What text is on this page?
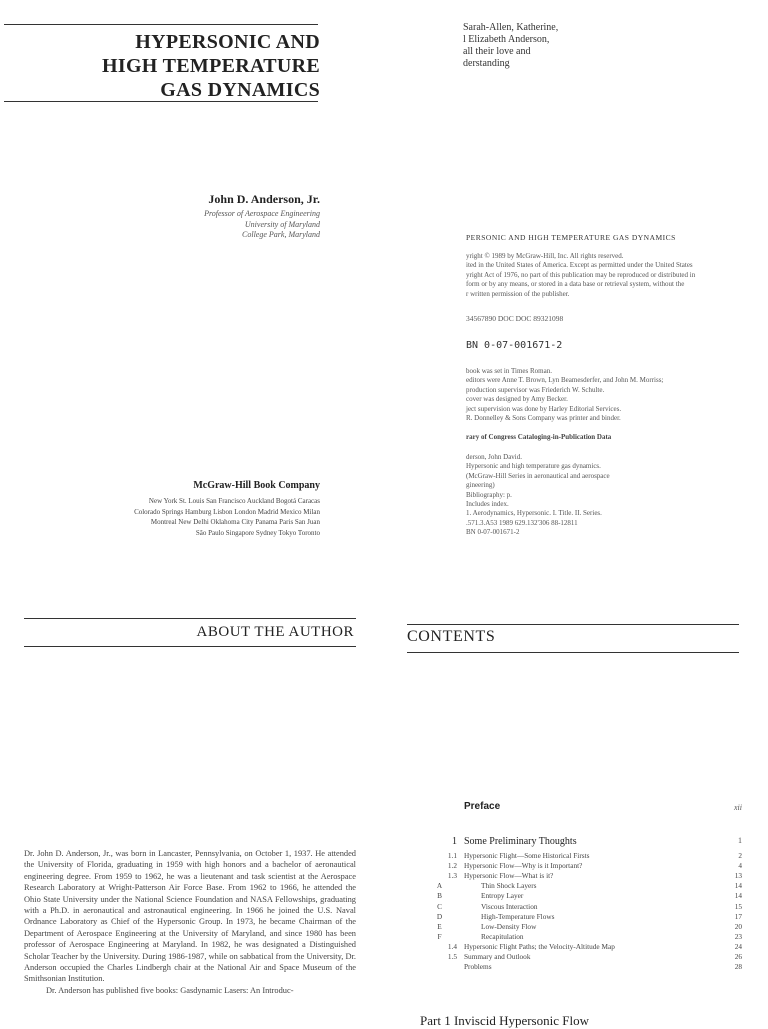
HYPERSONIC AND
HIGH TEMPERATURE
GAS DYNAMICS
John D. Anderson, Jr.
Professor of Aerospace Engineering
University of Maryland
College Park, Maryland
McGraw-Hill Book Company
New York St. Louis San Francisco Auckland Bogotá Caracas
Colorado Springs Hamburg Lisbon London Madrid Mexico Milan
Montreal New Delhi Oklahoma City Panama Paris San Juan
São Paulo Singapore Sydney Tokyo Toronto
Sarah-Allen, Katherine,
l Elizabeth Anderson,
all their love and
derstanding
PERSONIC AND HIGH TEMPERATURE GAS DYNAMICS
yright © 1989 by McGraw-Hill, Inc. All rights reserved.
ited in the United States of America. Except as permitted under the United States
yright Act of 1976, no part of this publication may be reproduced or distributed in
form or by any means, or stored in a data base or retrieval system, without the
r written permission of the publisher.
34567890 DOC DOC 89321098
BN 0-07-001671-2
book was set in Times Roman.
editors were Anne T. Brown, Lyn Beamesderfer, and John M. Morriss;
production supervisor was Friederich W. Schulte.
cover was designed by Amy Becker.
ject supervision was done by Harley Editorial Services.
R. Donnelley & Sons Company was printer and binder.
rary of Congress Cataloging-in-Publication Data
derson, John David.
Hypersonic and high temperature gas dynamics.
(McGraw-Hill Series in aeronautical and aerospace
gineering)
Bibliography: p.
Includes index.
1. Aerodynamics, Hypersonic. I. Title. II. Series.
.571.3.A53 1989 629.132'306 88-12811
BN 0-07-001671-2
ABOUT THE AUTHOR

Dr. John D. Anderson, Jr., was born in Lancaster, Pennsylvania, on October 1, 1937. He attended the University of Florida, graduating in 1959 with high honors and a bachelor of aeronautical engineering degree. From 1959 to 1962, he was a lieutenant and task scientist at the Aerospace Research Laboratory at Wright-Patterson Air Force Base. From 1962 to 1966, he attended the Ohio State University under the National Science Foundation and NASA Fellowships, graduating with a Ph.D. in aeronautical and astronautical engineering. In 1966 he joined the U.S. Naval Ordnance Laboratory as Chief of the Hypersonic Group. In 1973, he became Chairman of the Department of Aerospace Engineering at the University of Maryland, and since 1980 has been professor of Aerospace Engineering at Maryland. In 1982, he was designated a Distinguished Scholar Teacher by the University. During 1986-1987, while on sabbatical from the University, Dr. Anderson occupied the Charles Lindbergh chair at the National Air and Space Museum of the Smithsonian Institution.

Dr. Anderson has published five books: Gasdynamic Lasers: An Introduc-

CONTENTS
Preface	xii
1 Some Preliminary Thoughts	1
1.1 Hypersonic Flight—Some Historical Firsts	2
1.2 Hypersonic Flow—Why is it Important?	4
1.3 Hypersonic Flow—What is it?	13
A	Thin Shock Layers	14
B	Entropy Layer	14
C	Viscous Interaction	15
D	High-Temperature Flows	17
E	Low-Density Flow	20
F	Recapitulation	23
1.4 Hypersonic Flight Paths; the Velocity-Altitude Map	24
1.5 Summary and Outlook	26
Problems	28
Part 1 Inviscid Hypersonic Flow
